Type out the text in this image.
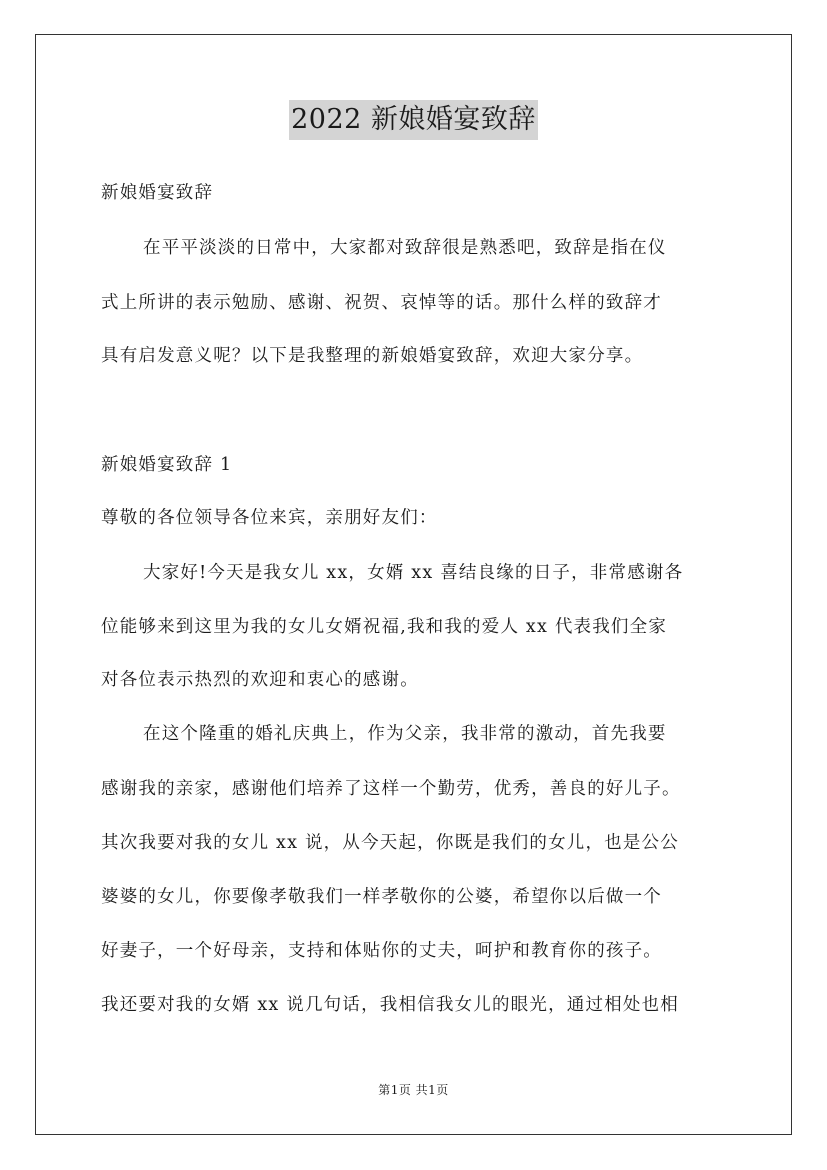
2022 新娘婚宴致辞
新娘婚宴致辞
在平平淡淡的日常中，大家都对致辞很是熟悉吧，致辞是指在仪
式上所讲的表示勉励、感谢、祝贺、哀悼等的话。那什么样的致辞才
具有启发意义呢？以下是我整理的新娘婚宴致辞，欢迎大家分享。
新娘婚宴致辞 1
尊敬的各位领导各位来宾，亲朋好友们：
大家好!今天是我女儿 xx，女婿 xx 喜结良缘的日子，非常感谢各
位能够来到这里为我的女儿女婿祝福,我和我的爱人 xx 代表我们全家
对各位表示热烈的欢迎和衷心的感谢。
在这个隆重的婚礼庆典上，作为父亲，我非常的激动，首先我要
感谢我的亲家，感谢他们培养了这样一个勤劳，优秀，善良的好儿子。
其次我要对我的女儿 xx 说，从今天起，你既是我们的女儿，也是公公
婆婆的女儿，你要像孝敬我们一样孝敬你的公婆，希望你以后做一个
好妻子，一个好母亲，支持和体贴你的丈夫，呵护和教育你的孩子。
我还要对我的女婿 xx 说几句话，我相信我女儿的眼光，通过相处也相
第1页 共1页
